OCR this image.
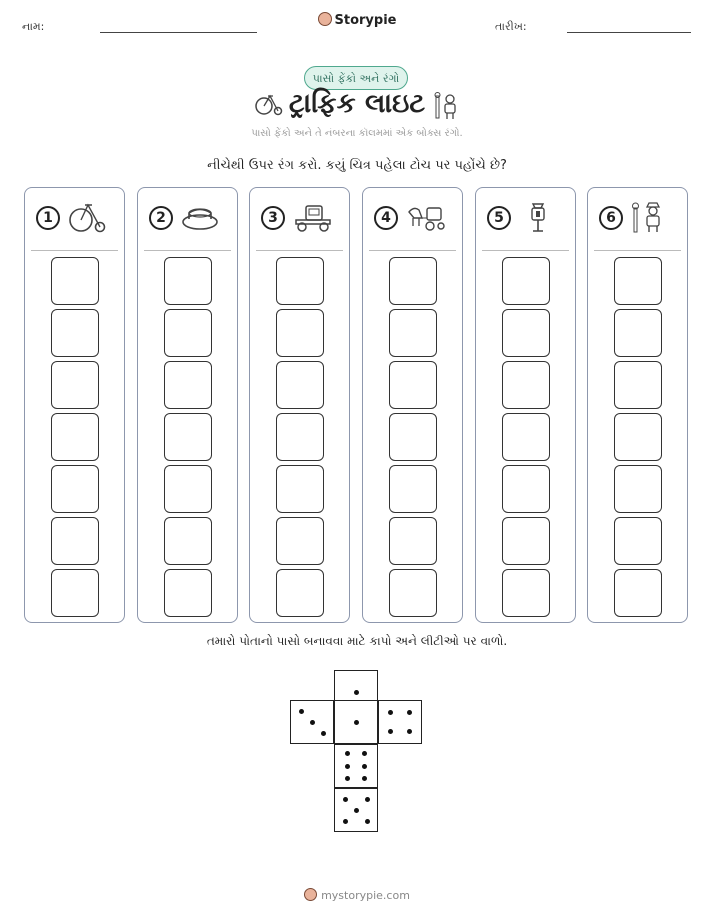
નામ:	Storypie	તારીખ:
પાસો ફેંકો અને રંગો
ટ્રાફિક લાઇટ
પાસો ફેંકો અને તે નંબરના કૉલમમાં એક બોક્સ રંગો.
નીચેથી ઉપર રંગ કરો. કયું ચિત્ર પહેલા ટોચ પર પહોંચે છે?
1	2	3	4	5	6
તમારો પોતાનો પાસો બનાવવા માટે કાપો અને લીટીઓ પર વાળો.
mystorypie.com
